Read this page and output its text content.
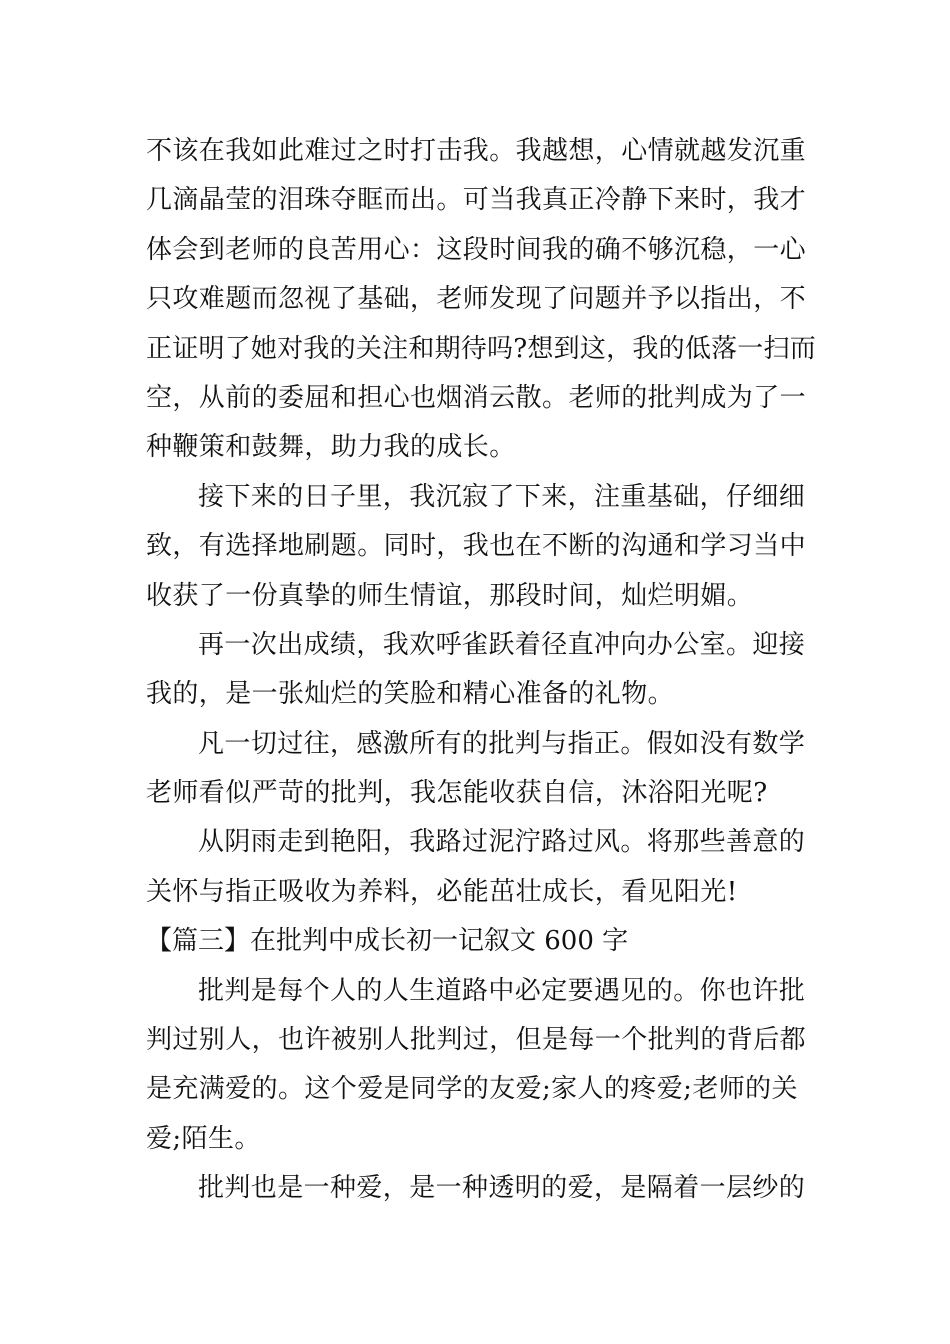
不该在我如此难过之时打击我。我越想，心情就越发沉重
几滴晶莹的泪珠夺眶而出。可当我真正冷静下来时，我才
体会到老师的良苦用心：这段时间我的确不够沉稳，一心
只攻难题而忽视了基础，老师发现了问题并予以指出，不
正证明了她对我的关注和期待吗?想到这，我的低落一扫而
空，从前的委屈和担心也烟消云散。老师的批判成为了一
种鞭策和鼓舞，助力我的成长。
接下来的日子里，我沉寂了下来，注重基础，仔细细
致，有选择地刷题。同时，我也在不断的沟通和学习当中
收获了一份真挚的师生情谊，那段时间，灿烂明媚。
再一次出成绩，我欢呼雀跃着径直冲向办公室。迎接
我的，是一张灿烂的笑脸和精心准备的礼物。
凡一切过往，感激所有的批判与指正。假如没有数学
老师看似严苛的批判，我怎能收获自信，沐浴阳光呢?
从阴雨走到艳阳，我路过泥泞路过风。将那些善意的
关怀与指正吸收为养料，必能茁壮成长，看见阳光!
【篇三】在批判中成长初一记叙文 600 字
批判是每个人的人生道路中必定要遇见的。你也许批
判过别人，也许被别人批判过，但是每一个批判的背后都
是充满爱的。这个爱是同学的友爱;家人的疼爱;老师的关
爱;陌生。
批判也是一种爱，是一种透明的爱，是隔着一层纱的
